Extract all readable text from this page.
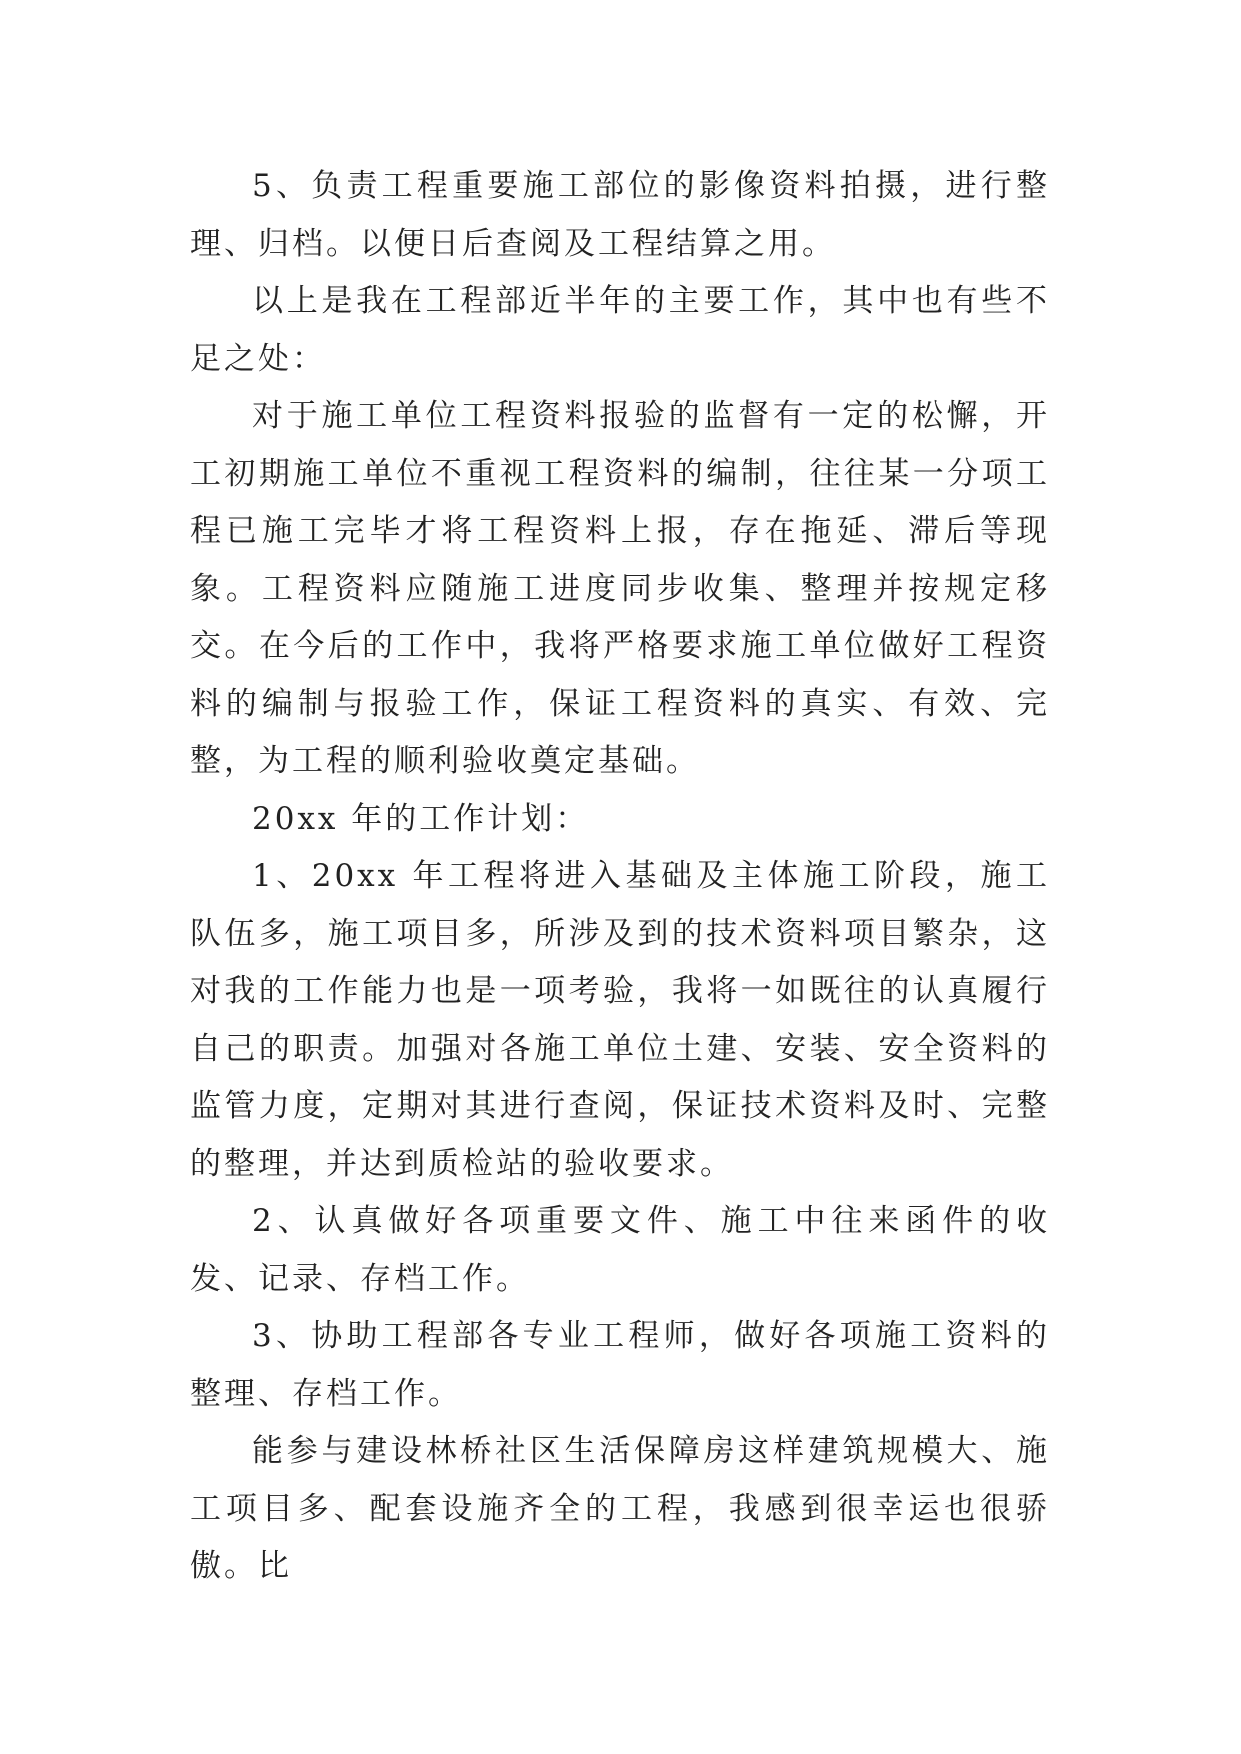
5、负责工程重要施工部位的影像资料拍摄，进行整理、归档。以便日后查阅及工程结算之用。

以上是我在工程部近半年的主要工作，其中也有些不足之处：

对于施工单位工程资料报验的监督有一定的松懈，开工初期施工单位不重视工程资料的编制，往往某一分项工程已施工完毕才将工程资料上报，存在拖延、滞后等现象。工程资料应随施工进度同步收集、整理并按规定移交。在今后的工作中，我将严格要求施工单位做好工程资料的编制与报验工作，保证工程资料的真实、有效、完整，为工程的顺利验收奠定基础。

20xx 年的工作计划：

1、20xx 年工程将进入基础及主体施工阶段，施工队伍多，施工项目多，所涉及到的技术资料项目繁杂，这对我的工作能力也是一项考验，我将一如既往的认真履行自己的职责。加强对各施工单位土建、安装、安全资料的监管力度，定期对其进行查阅，保证技术资料及时、完整的整理，并达到质检站的验收要求。

2、认真做好各项重要文件、施工中往来函件的收发、记录、存档工作。

3、协助工程部各专业工程师，做好各项施工资料的整理、存档工作。

能参与建设林桥社区生活保障房这样建筑规模大、施工项目多、配套设施齐全的工程，我感到很幸运也很骄傲。比
